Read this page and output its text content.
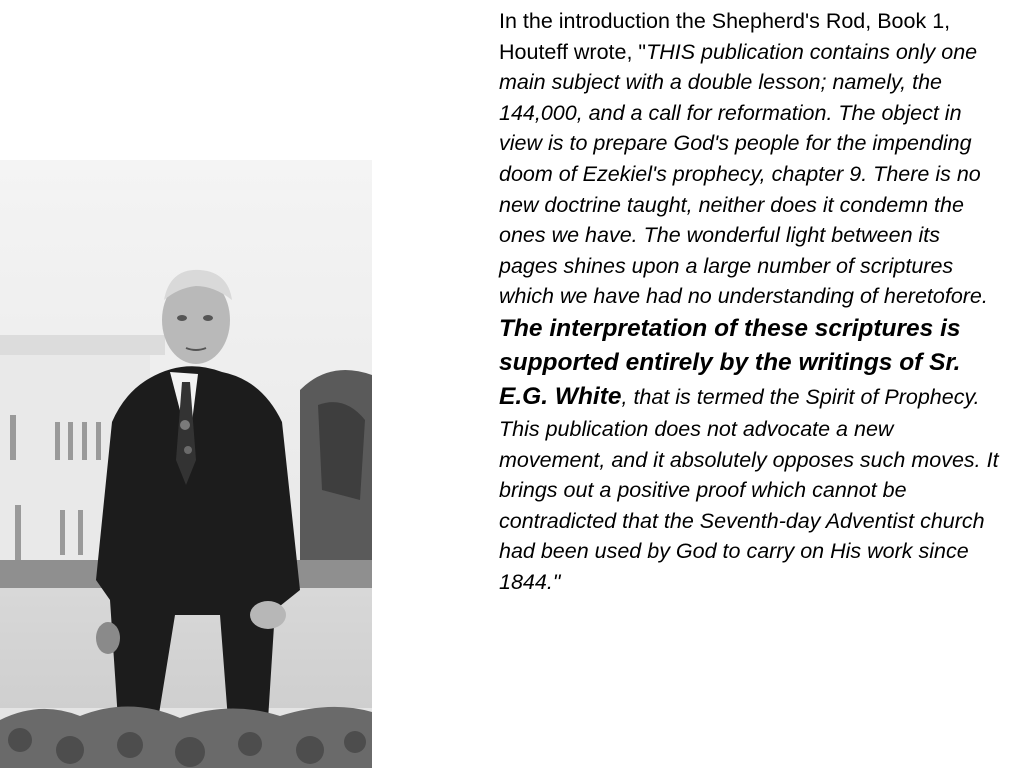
In the introduction the Shepherd's Rod, Book 1, Houteff wrote, "THIS publication contains only one main subject with a double lesson; namely, the 144,000, and a call for reformation. The object in view is to prepare God's people for the impending doom of Ezekiel's prophecy, chapter 9. There is no new doctrine taught, neither does it condemn the ones we have. The wonderful light between its pages shines upon a large number of scriptures which we have had no understanding of heretofore. The interpretation of these scriptures is supported entirely by the writings of Sr. E.G. White, that is termed the Spirit of Prophecy. This publication does not advocate a new movement, and it absolutely opposes such moves. It brings out a positive proof which cannot be contradicted that the Seventh-day Adventist church had been used by God to carry on His work since 1844."
